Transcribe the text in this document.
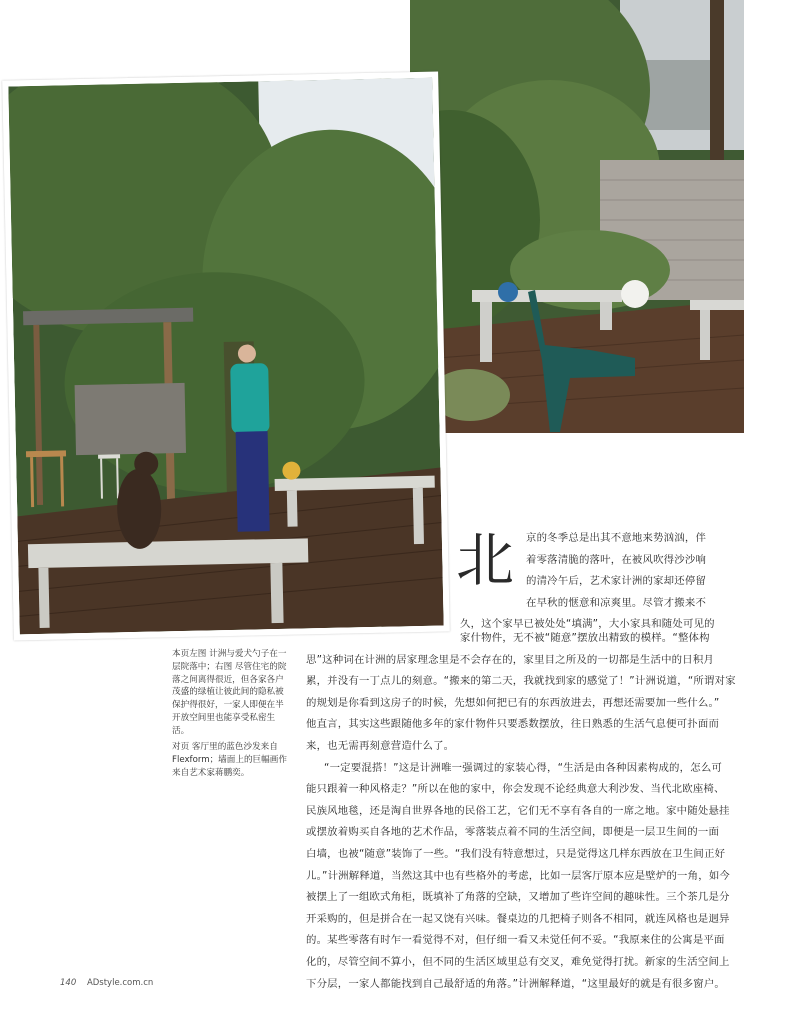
本页左图 计洲与爱犬勺子在一层院落中；右图 尽管住宅的院落之间离得很近，但各家各户茂盛的绿植让彼此间的隐私被保护得很好，一家人即便在半开放空间里也能享受私密生活。
对页 客厅里的蓝色沙发来自Flexform；墙面上的巨幅画作来自艺术家蒋鹏奕。
北 京的冬季总是出其不意地来势汹汹，伴
着零落清脆的落叶，在被风吹得沙沙响
的清冷午后，艺术家计洲的家却还停留
在早秋的惬意和凉爽里。尽管才搬来不
久，这个家早已被处处“填满”，大小家具和随处可见的
家什物件，无不被“随意”摆放出精致的模样。“整体构
思”这种词在计洲的居家理念里是不会存在的，家里目之所及的一切都是生活中的日积月
累，并没有一丁点儿的刻意。“搬来的第二天，我就找到家的感觉了！”计洲说道，“所谓对家
的规划是你看到这房子的时候，先想如何把已有的东西放进去，再想还需要加一些什么。”
他直言，其实这些跟随他多年的家什物件只要悉数摆放，往日熟悉的生活气息便可扑面而
来，也无需再刻意营造什么了。
“一定要混搭！”这是计洲唯一强调过的家装心得，“生活是由各种因素构成的，怎么可
能只跟着一种风格走？”所以在他的家中，你会发现不论经典意大利沙发、当代北欧座椅、
民族风地毯，还是淘自世界各地的民俗工艺，它们无不享有各自的一席之地。家中随处悬挂
或摆放着购买自各地的艺术作品，零落装点着不同的生活空间，即便是一层卫生间的一面
白墙，也被“随意”装饰了一些。“我们没有特意想过，只是觉得这几样东西放在卫生间正好
儿。”计洲解释道，当然这其中也有些格外的考虑，比如一层客厅原本应是壁炉的一角，如今
被摆上了一组欧式角柜，既填补了角落的空缺，又增加了些许空间的趣味性。三个茶几是分
开采购的，但是拼合在一起又饶有兴味。餐桌边的几把椅子则各不相同，就连风格也是迥异
的。某些零落有时乍一看觉得不对，但仔细一看又未觉任何不妥。“我原来住的公寓是平面
化的，尽管空间不算小，但不同的生活区域里总有交叉，难免觉得打扰。新家的生活空间上
下分层，一家人都能找到自己最舒适的角落。”计洲解释道，“这里最好的就是有很多窗户。
140 ADstyle.com.cn
